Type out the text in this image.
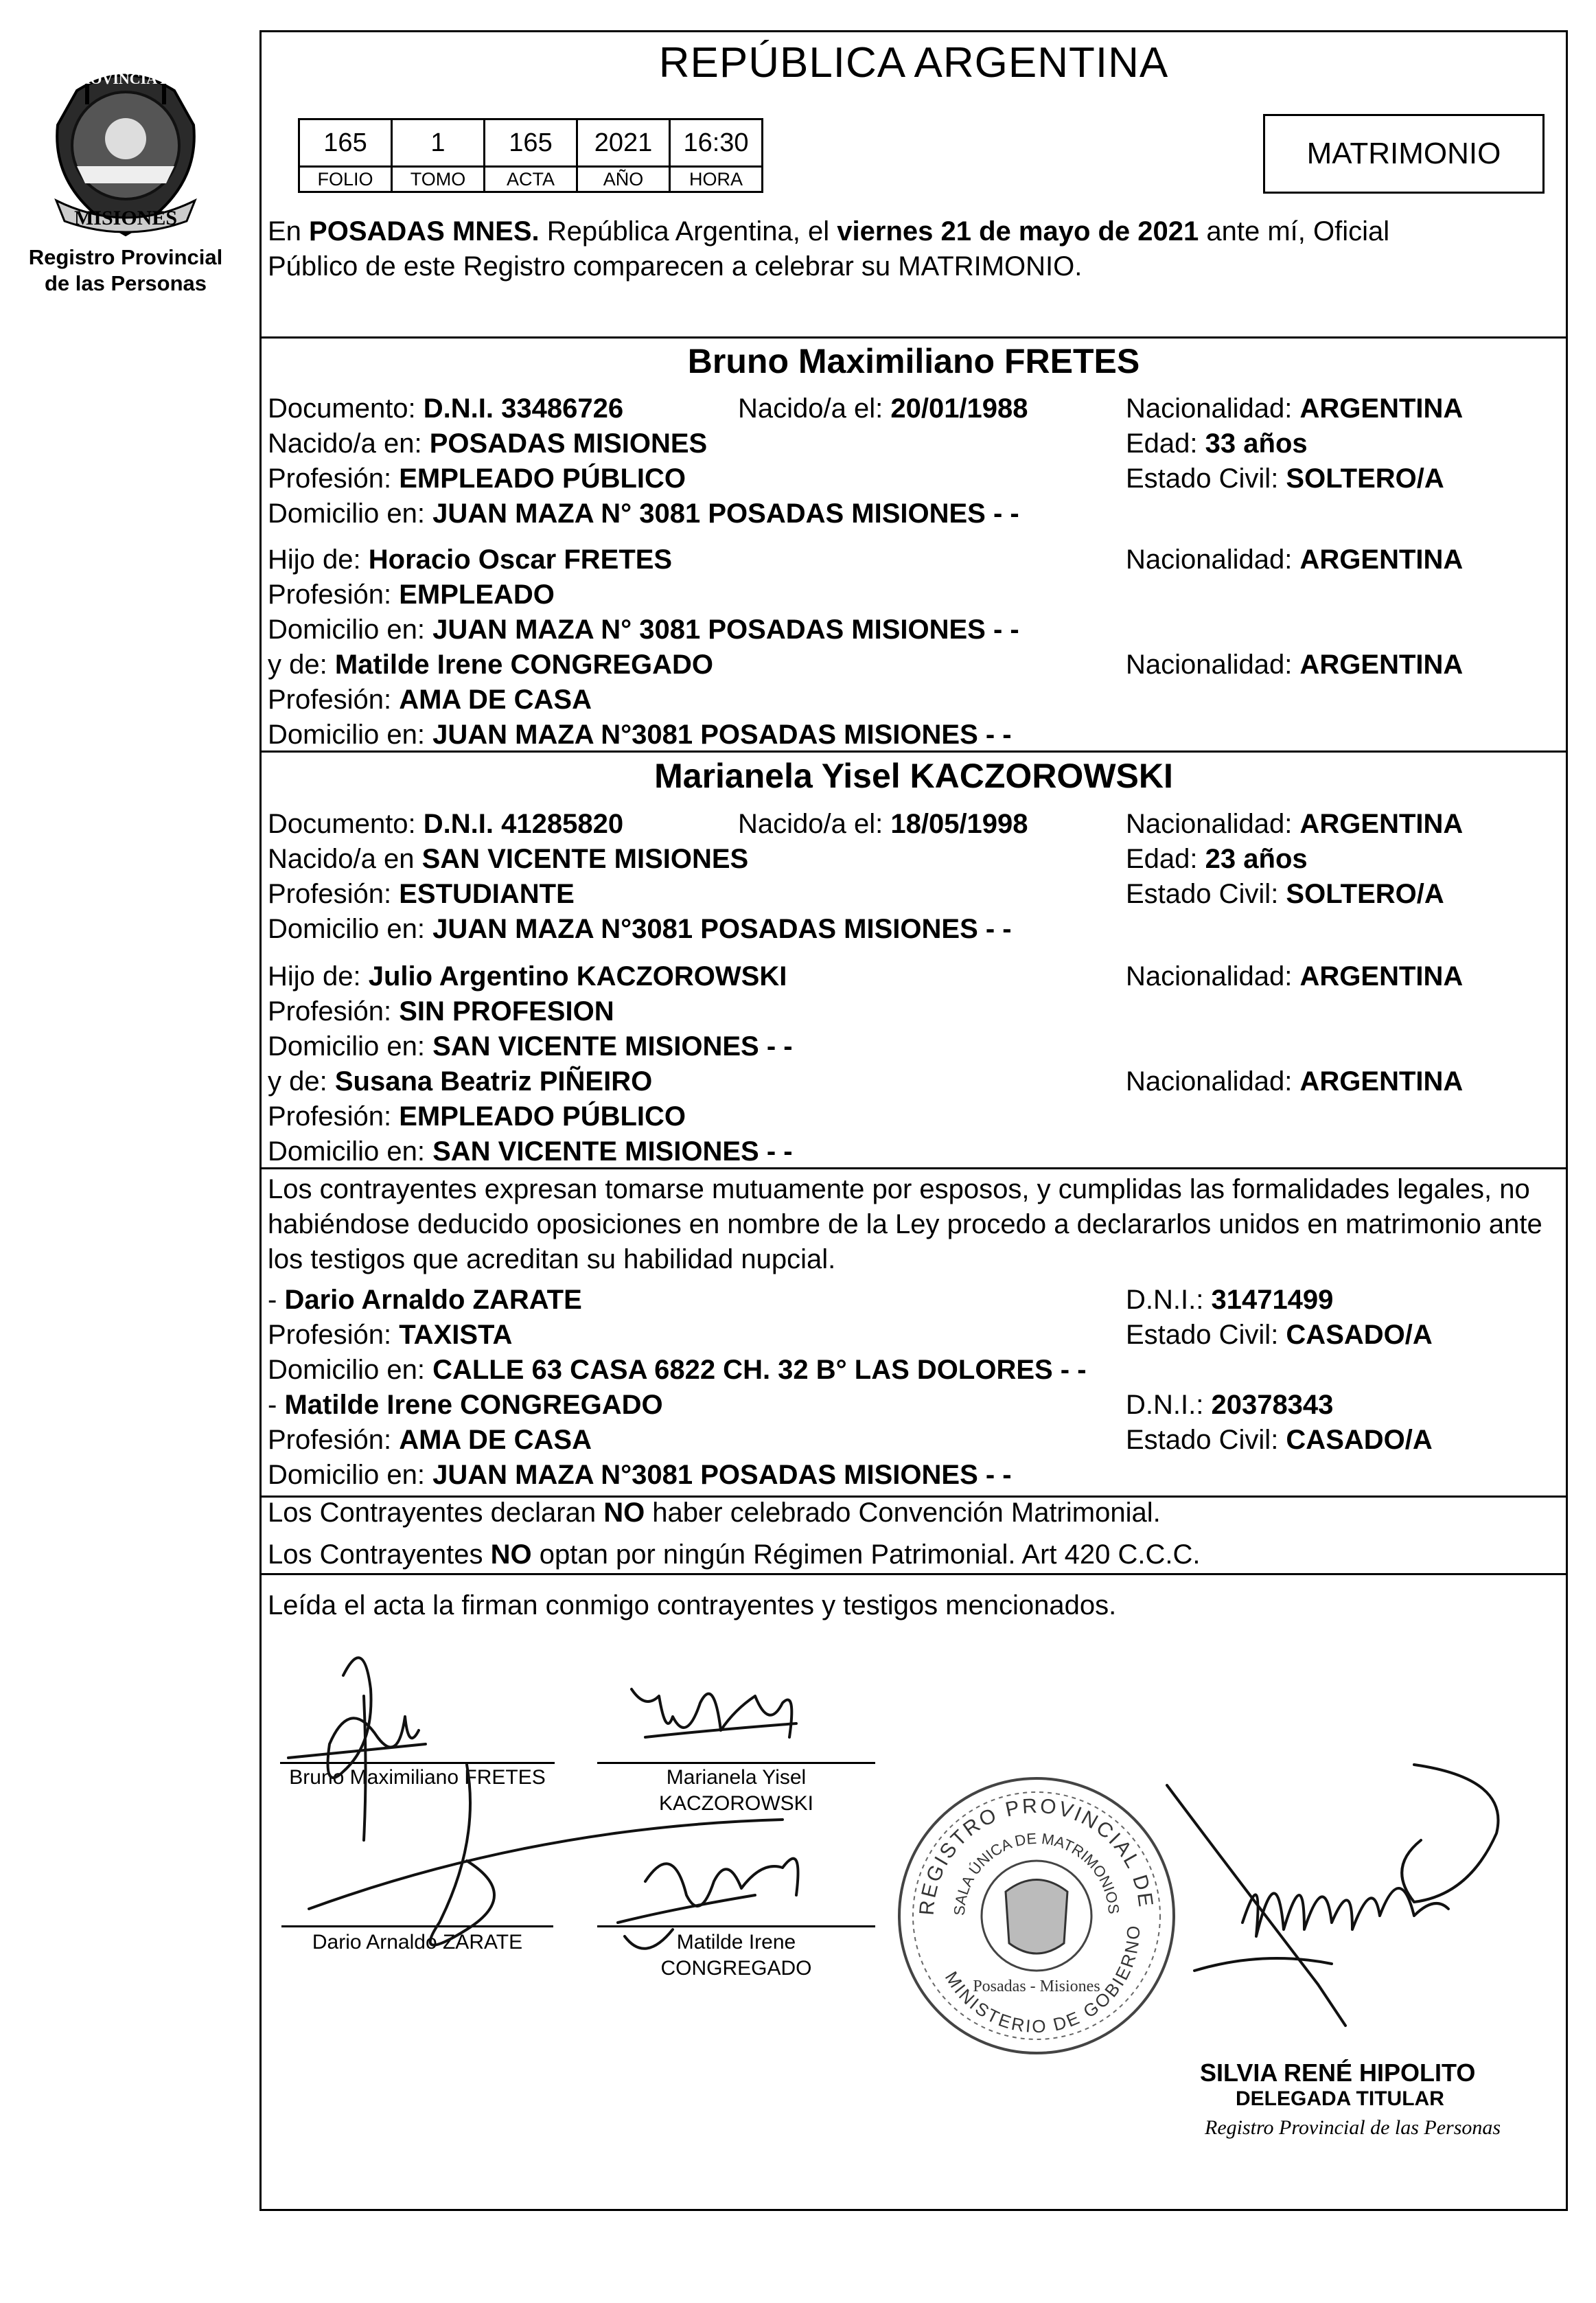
PROVINCIA DE
MISIONES
Registro Provincial
de las Personas
REPÚBLICA ARGENTINA
165	1	165	2021	16:30
FOLIO	TOMO	ACTA	AÑO	HORA
MATRIMONIO
En POSADAS MNES. República Argentina, el viernes 21 de mayo de 2021 ante mí, Oficial
Público de este Registro comparecen a celebrar su MATRIMONIO.
Bruno Maximiliano FRETES
Documento: D.N.I. 33486726	Nacido/a el: 20/01/1988	Nacionalidad: ARGENTINA
Nacido/a en: POSADAS MISIONES	Edad: 33 años
Profesión: EMPLEADO PÚBLICO	Estado Civil: SOLTERO/A
Domicilio en: JUAN MAZA N° 3081 POSADAS MISIONES - -
Hijo de: Horacio Oscar FRETES	Nacionalidad: ARGENTINA
Profesión: EMPLEADO
Domicilio en: JUAN MAZA N° 3081 POSADAS MISIONES - -
y de: Matilde Irene CONGREGADO	Nacionalidad: ARGENTINA
Profesión: AMA DE CASA
Domicilio en: JUAN MAZA N°3081 POSADAS MISIONES - -
Marianela Yisel KACZOROWSKI
Documento: D.N.I. 41285820	Nacido/a el: 18/05/1998	Nacionalidad: ARGENTINA
Nacido/a en SAN VICENTE MISIONES	Edad: 23 años
Profesión: ESTUDIANTE	Estado Civil: SOLTERO/A
Domicilio en: JUAN MAZA N°3081 POSADAS MISIONES - -
Hijo de: Julio Argentino KACZOROWSKI	Nacionalidad: ARGENTINA
Profesión: SIN PROFESION
Domicilio en: SAN VICENTE MISIONES - -
y de: Susana Beatriz PIÑEIRO	Nacionalidad: ARGENTINA
Profesión: EMPLEADO PÚBLICO
Domicilio en: SAN VICENTE MISIONES - -
Los contrayentes expresan tomarse mutuamente por esposos, y cumplidas las formalidades legales, no
habiéndose deducido oposiciones en nombre de la Ley procedo a declararlos unidos en matrimonio ante
los testigos que acreditan su habilidad nupcial.
- Dario Arnaldo ZARATE	D.N.I.: 31471499
Profesión: TAXISTA	Estado Civil: CASADO/A
Domicilio en: CALLE 63 CASA 6822 CH. 32 B° LAS DOLORES - -
- Matilde Irene CONGREGADO	D.N.I.: 20378343
Profesión: AMA DE CASA	Estado Civil: CASADO/A
Domicilio en: JUAN MAZA N°3081 POSADAS MISIONES - -
Los Contrayentes declaran NO haber celebrado Convención Matrimonial.
Los Contrayentes NO optan por ningún Régimen Patrimonial. Art 420 C.C.C.
Leída el acta la firman conmigo contrayentes y testigos mencionados.
Bruno Maximiliano FRETES	Marianela Yisel
KACZOROWSKI
Dario Arnaldo ZARATE	Matilde Irene
CONGREGADO
REGISTRO PROVINCIAL DE
SALA ÚNICA DE MATRIMONIOS
MINISTERIO DE GOBIERNO
Posadas - Misiones
SILVIA RENÉ HIPOLITO
DELEGADA TITULAR
Registro Provincial de las Personas
